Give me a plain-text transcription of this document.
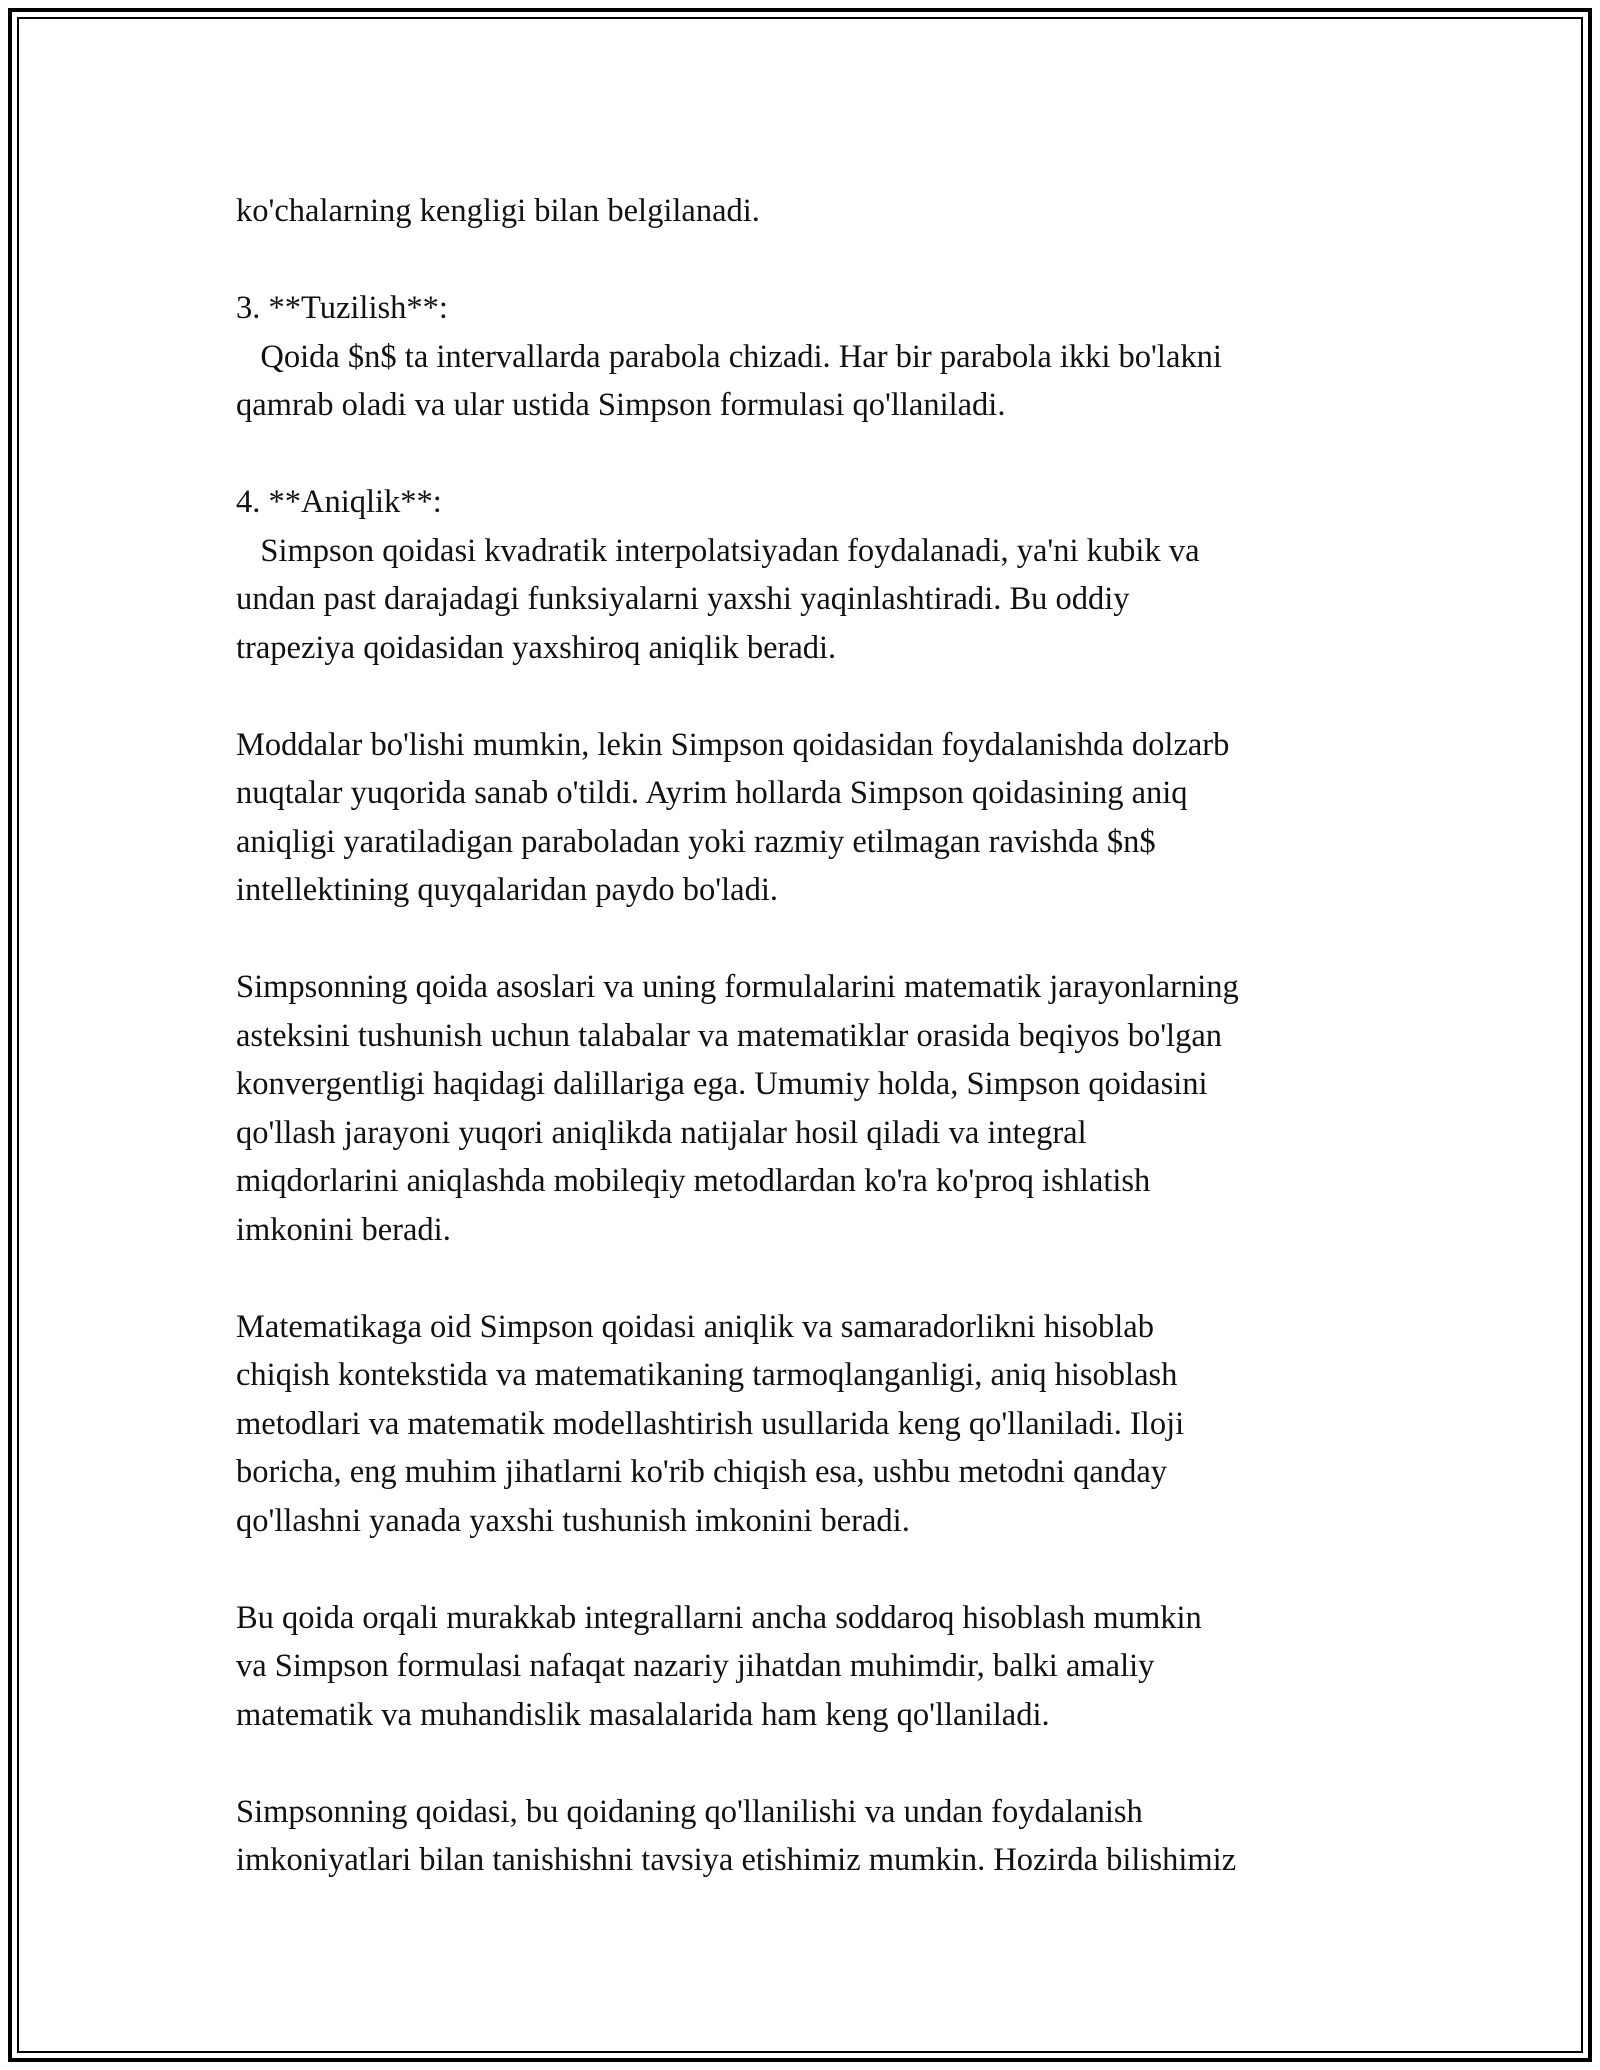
ko'chalarning kengligi bilan belgilanadi.
3. **Tuzilish**:
Qoida $n$ ta intervallarda parabola chizadi. Har bir parabola ikki bo'lakni
qamrab oladi va ular ustida Simpson formulasi qo'llaniladi.
4. **Aniqlik**:
Simpson qoidasi kvadratik interpolatsiyadan foydalanadi, ya'ni kubik va
undan past darajadagi funksiyalarni yaxshi yaqinlashtiradi. Bu oddiy
trapeziya qoidasidan yaxshiroq aniqlik beradi.
Moddalar bo'lishi mumkin, lekin Simpson qoidasidan foydalanishda dolzarb
nuqtalar yuqorida sanab o'tildi. Ayrim hollarda Simpson qoidasining aniq
aniqligi yaratiladigan paraboladan yoki razmiy etilmagan ravishda $n$
intellektining quyqalaridan paydo bo'ladi.
Simpsonning qoida asoslari va uning formulalarini matematik jarayonlarning
asteksini tushunish uchun talabalar va matematiklar orasida beqiyos bo'lgan
konvergentligi haqidagi dalillariga ega. Umumiy holda, Simpson qoidasini
qo'llash jarayoni yuqori aniqlikda natijalar hosil qiladi va integral
miqdorlarini aniqlashda mobileqiy metodlardan ko'ra ko'proq ishlatish
imkonini beradi.
Matematikaga oid Simpson qoidasi aniqlik va samaradorlikni hisoblab
chiqish kontekstida va matematikaning tarmoqlanganligi, aniq hisoblash
metodlari va matematik modellashtirish usullarida keng qo'llaniladi. Iloji
boricha, eng muhim jihatlarni ko'rib chiqish esa, ushbu metodni qanday
qo'llashni yanada yaxshi tushunish imkonini beradi.
Bu qoida orqali murakkab integrallarni ancha soddaroq hisoblash mumkin
va Simpson formulasi nafaqat nazariy jihatdan muhimdir, balki amaliy
matematik va muhandislik masalalarida ham keng qo'llaniladi.
Simpsonning qoidasi, bu qoidaning qo'llanilishi va undan foydalanish
imkoniyatlari bilan tanishishni tavsiya etishimiz mumkin. Hozirda bilishimiz
